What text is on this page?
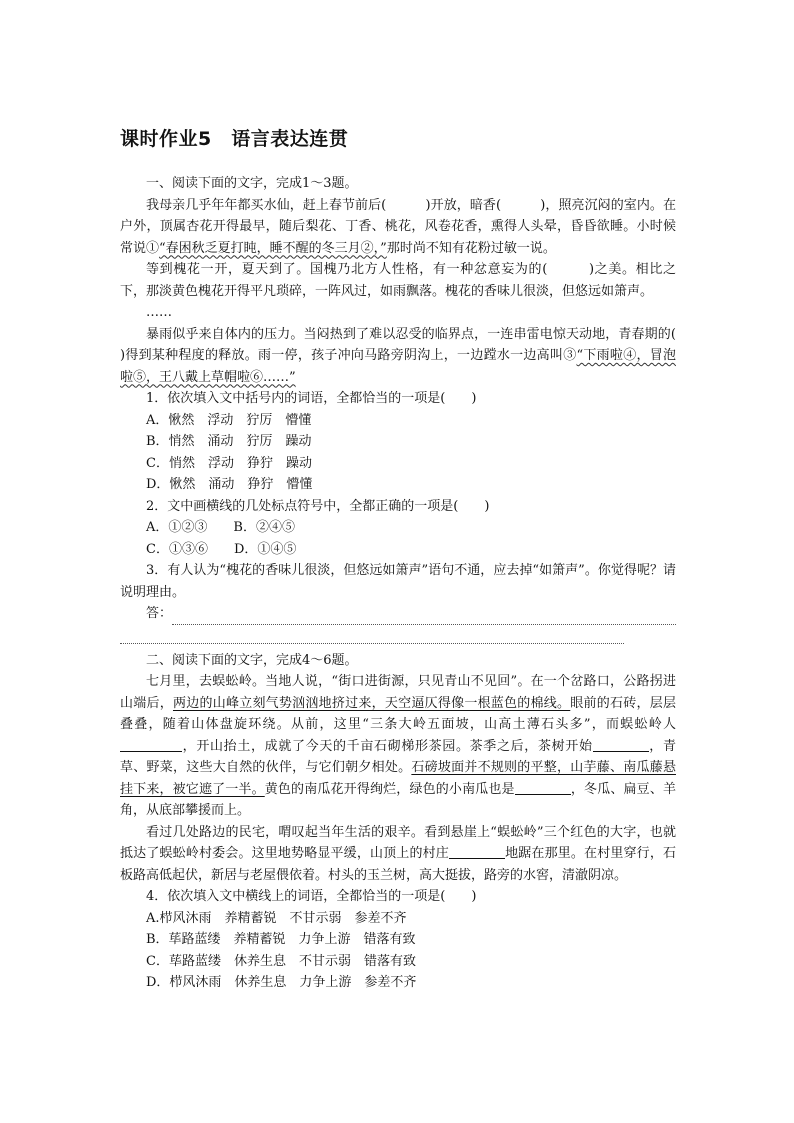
课时作业5　语言表达连贯

一、阅读下面的文字，完成1～3题。

我母亲几乎年年都买水仙，赶上春节前后(　　　)开放，暗香(　　　)，照亮沉闷的室内。在户外，顶属杏花开得最早，随后梨花、丁香、桃花，风卷花香，熏得人头晕，昏昏欲睡。小时候常说①“春困秋乏夏打盹，睡不醒的冬三月②，”那时尚不知有花粉过敏一说。

等到槐花一开，夏天到了。国槐乃北方人性格，有一种忿意妄为的(　　　)之美。相比之下，那淡黄色槐花开得平凡琐碎，一阵风过，如雨飘落。槐花的香味儿很淡，但悠远如箫声。

……

暴雨似乎来自体内的压力。当闷热到了难以忍受的临界点，一连串雷电惊天动地，青春期的(　　　)得到某种程度的释放。雨一停，孩子冲向马路旁阴沟上，一边蹚水一边高叫③“下雨啦④，冒泡啦⑤，王八戴上草帽啦⑥……”

1．依次填入文中括号内的词语，全都恰当的一项是(　　)

A．愀然　浮动　狞厉　懵懂

B．悄然　涌动　狞厉　躁动

C．悄然　浮动　狰狞　躁动

D．愀然　涌动　狰狞　懵懂

2．文中画横线的几处标点符号中，全都正确的一项是(　　)

A．①②③　　B．②④⑤

C．①③⑥　　D．①④⑤

3．有人认为“槐花的香味儿很淡，但悠远如箫声”语句不通，应去掉“如箫声”。你觉得呢？请说明理由。

答：

二、阅读下面的文字，完成4～6题。

七月里，去蜈蚣岭。当地人说，“街口进街源，只见青山不见回”。在一个岔路口，公路拐进山端后，两边的山峰立刻气势汹汹地挤过来，天空逼仄得像一根蓝色的棉线。眼前的石砖，层层叠叠，随着山体盘旋环绕。从前，这里“三条大岭五面坡，山高土薄石头多”，而蜈蚣岭人，开山抬土，成就了今天的千亩石砌梯形茶园。茶季之后，茶树开始	，青草、野菜，这些大自然的伙伴，与它们朝夕相处。石磅坡面并不规则的平整，山芋藤、南瓜藤悬挂下来，被它遮了一半。黄色的南瓜花开得绚烂，绿色的小南瓜也是	，冬瓜、扁豆、羊角，从底部攀援而上。

看过几处路边的民宅，喟叹起当年生活的艰辛。看到悬崖上“蜈蚣岭”三个红色的大字，也就抵达了蜈蚣岭村委会。这里地势略显平缓，山顶上的村庄	地踞在那里。在村里穿行，石板路高低起伏，新居与老屋偎依着。村头的玉兰树，高大挺拔，路旁的水窖，清澈阴凉。

4．依次填入文中横线上的词语，全都恰当的一项是(　　)

A.栉风沐雨　养精蓄锐　不甘示弱　参差不齐

B．荜路蓝缕　养精蓄锐　力争上游　错落有致

C．荜路蓝缕　休养生息　不甘示弱　错落有致

D．栉风沐雨　休养生息　力争上游　参差不齐
